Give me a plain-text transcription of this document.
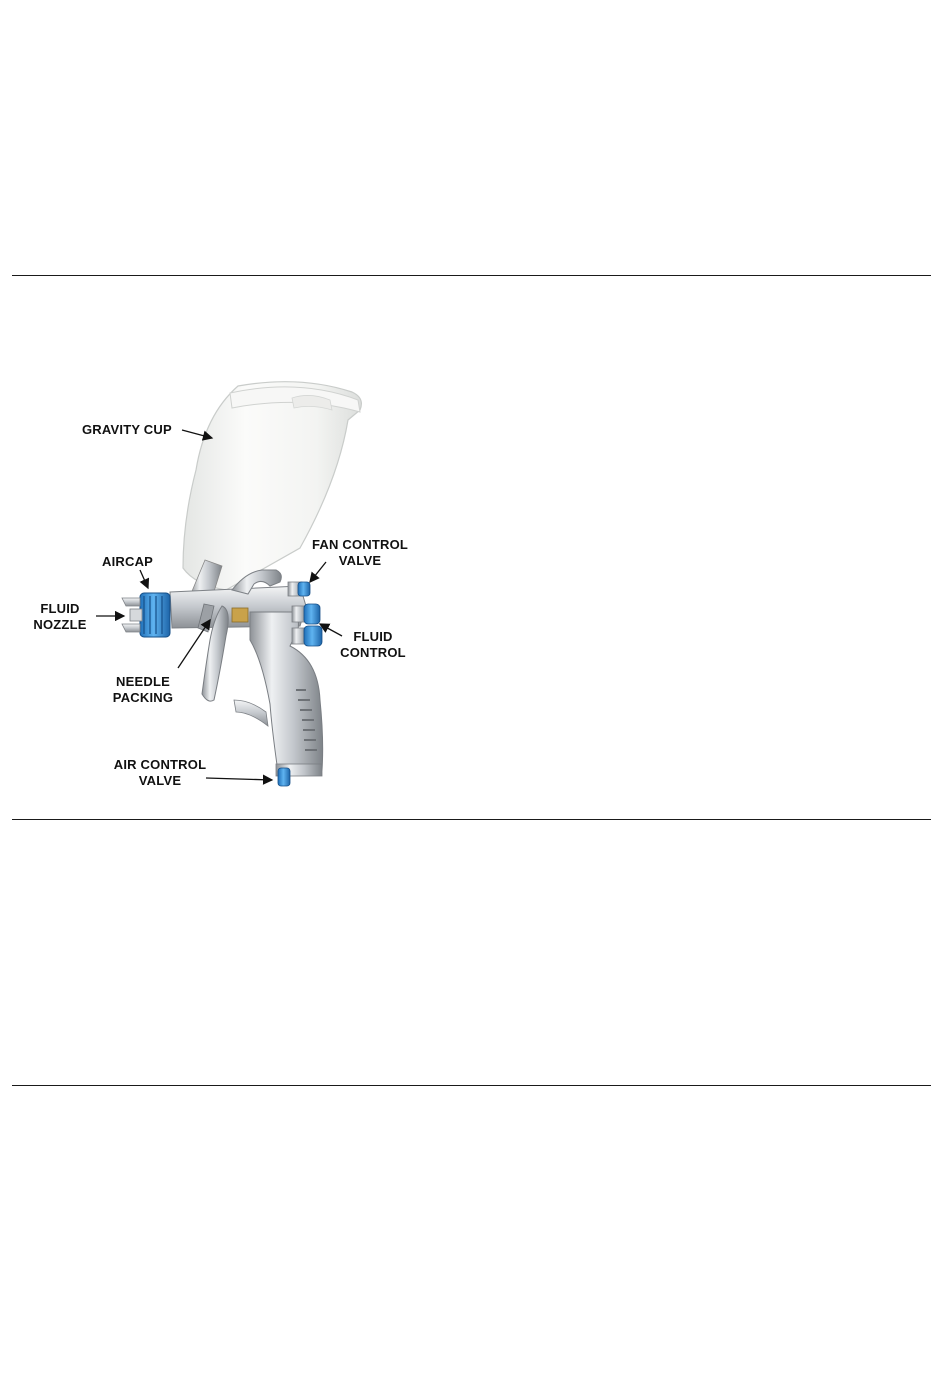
GRAVITY CUP
AIRCAP
FLUID
NOZZLE
NEEDLE
PACKING
AIR CONTROL
VALVE
FAN CONTROL
VALVE
FLUID
CONTROL
